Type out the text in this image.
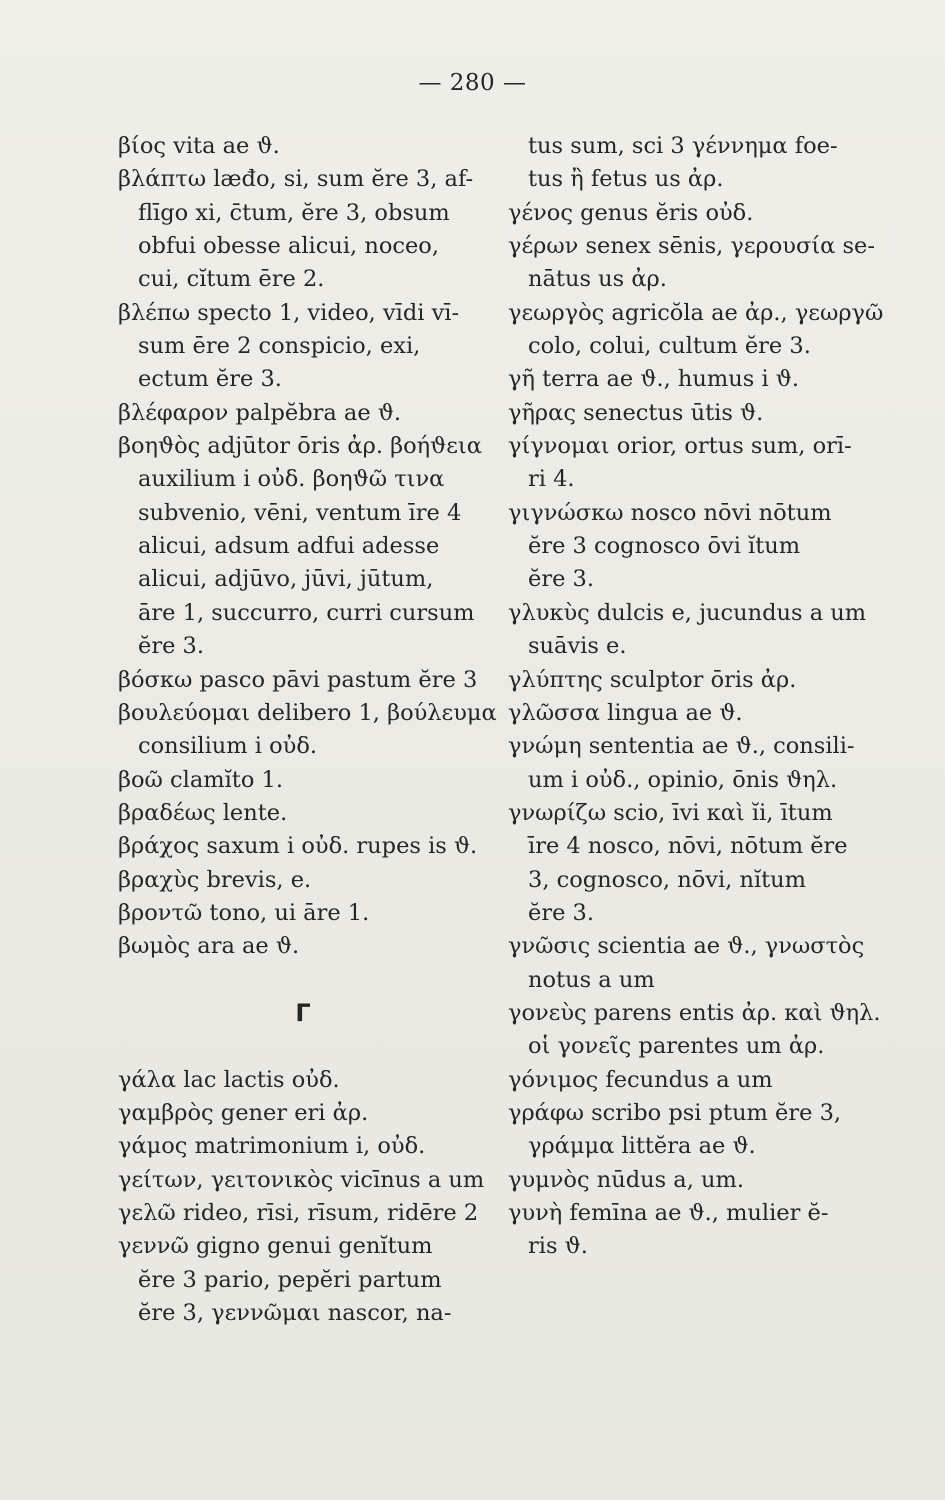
— 280 —
βίος vita ae ϑ.
βλάπτω læđo, si, sum ĕre 3, af-
flīgo xi, c̄tum, ĕre 3, obsum
obfui obesse alicui, noceo,
cui, cĭtum ēre 2.
βλέπω specto 1, video, vīdi vī-
sum ēre 2 conspicio, exi,
ectum ĕre 3.
βλέφαρον palpĕbra ae ϑ.
βοηϑὸς adjūtor ōris ἀρ. βοήϑεια
auxilium i οὐδ. βοηϑῶ τινα
subvenio, vēni, ventum īre 4
alicui, adsum adfui adesse
alicui, adjūvo, jūvi, jūtum,
āre 1, succurro, curri cursum
ĕre 3.
βόσκω pasco pāvi pastum ĕre 3
βουλεύομαι delibero 1, βούλευμα
consilium i οὐδ.
βοῶ clamĭto 1.
βραδέως lente.
βράχος saxum i οὐδ. rupes is ϑ.
βραχὺς brevis, e.
βροντῶ tono, ui āre 1.
βωμὸς ara ae ϑ.
Γ
γάλα lac lactis οὐδ.
γαμβρὸς gener eri ἀρ.
γάμος matrimonium i, οὐδ.
γείτων, γειτονικὸς vicīnus a um
γελῶ rideo, rīsi, rīsum, ridēre 2
γεννῶ gigno genui genĭtum
ĕre 3 pario, pepĕri partum
ĕre 3, γεννῶμαι nascor, na-
tus sum, sci 3 γέννημα foe-
tus ἢ fetus us ἀρ.
γένος genus ĕris οὐδ.
γέρων senex sēnis, γερουσία se-
nātus us ἀρ.
γεωργὸς agricŏla ae ἀρ., γεωργῶ
colo, colui, cultum ĕre 3.
γῆ terra ae ϑ., humus i ϑ.
γῆρας senectus ūtis ϑ.
γίγνομαι orior, ortus sum, orī-
ri 4.
γιγνώσκω nosco nōvi nōtum
ĕre 3 cognosco ōvi ĭtum
ĕre 3.
γλυκὺς dulcis e, jucundus a um
suāvis e.
γλύπτης sculptor ōris ἀρ.
γλῶσσα lingua ae ϑ.
γνώμη sententia ae ϑ., consili-
um i οὐδ., opinio, ōnis ϑηλ.
γνωρίζω scio, īvi καὶ ĭi, ītum
īre 4 nosco, nōvi, nōtum ĕre
3, cognosco, nōvi, nĭtum
ĕre 3.
γνῶσις scientia ae ϑ., γνωστὸς
notus a um
γονεὺς parens entis ἀρ. καὶ ϑηλ.
οἱ γονεῖς parentes um ἀρ.
γόνιμος fecundus a um
γράφω scribo psi ptum ĕre 3,
γράμμα littĕra ae ϑ.
γυμνὸς nūdus a, um.
γυνὴ femīna ae ϑ., mulier ĕ-
ris ϑ.
